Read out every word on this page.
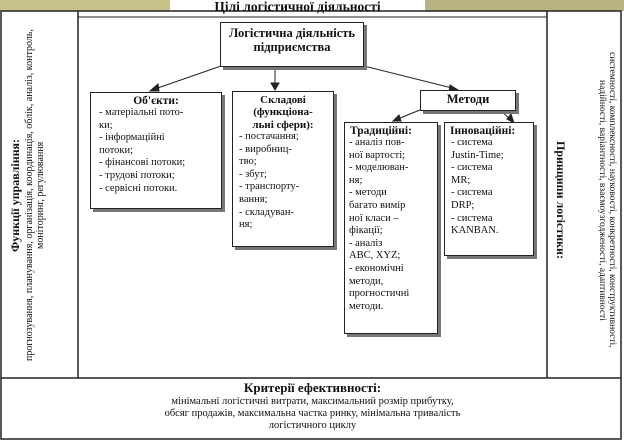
Цілі логістичної діяльності
Функції управління: прогнозування, планування, організація, координація, облік, аналіз, контроль, моніторинг, регулювання	системності, комплексності, науковості, конкретності, конструктивності, надійності, варіантності, взаємоузгодженості, адаптивності
Принципи логістики:
Логістична діяльність підприємства
Об'єкти:
- матеріальні пото-
ки;
- інформаційні
потоки;
- фінансові потоки;
- трудові потоки;
- сервісні потоки.
Складові
(функціона-
льні сфери):
- постачання;
- виробниц-
тво;
- збут;
- транспорту-
вання;
- складуван-
ня;
Методи
Традиційні:
- аналіз пов-
ної вартості;
- моделюван-
ня;
- методи
багато вимір
ної класи –
фікації;
- аналіз
ABC, XYZ;
- економічні
методи,
прогностичні
методи.
Інноваційні:
- система
Justin-Time;
- система
MR;
- система
DRP;
- система
KANBAN.
Критерії ефективності:
мінімальні логістичні витрати, максимальний розмір прибутку,
обсяг продажів, максимальна частка ринку, мінімальна тривалість
логістичного циклу
